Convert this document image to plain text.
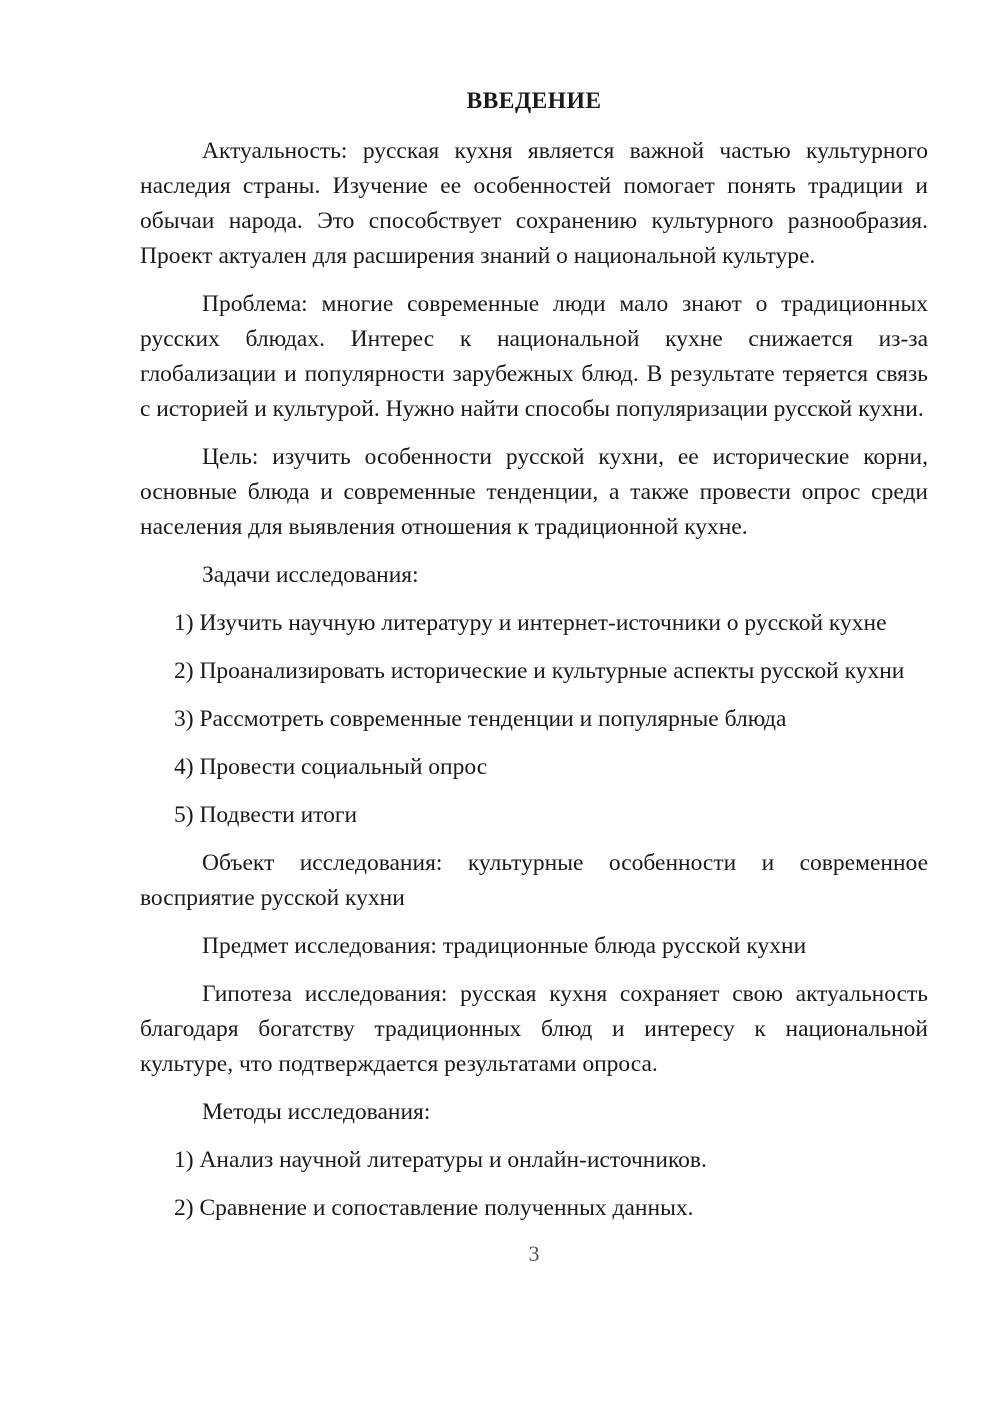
ВВЕДЕНИЕ

Актуальность: русская кухня является важной частью культурного наследия страны. Изучение ее особенностей помогает понять традиции и обычаи народа. Это способствует сохранению культурного разнообразия. Проект актуален для расширения знаний о национальной культуре.

Проблема: многие современные люди мало знают о традиционных русских блюдах. Интерес к национальной кухне снижается из-за глобализации и популярности зарубежных блюд. В результате теряется связь с историей и культурой. Нужно найти способы популяризации русской кухни.

Цель: изучить особенности русской кухни, ее исторические корни, основные блюда и современные тенденции, а также провести опрос среди населения для выявления отношения к традиционной кухне.

Задачи исследования:

1) Изучить научную литературу и интернет-источники о русской кухне

2) Проанализировать исторические и культурные аспекты русской кухни

3) Рассмотреть современные тенденции и популярные блюда

4) Провести социальный опрос

5) Подвести итоги

Объект исследования: культурные особенности и современное восприятие русской кухни

Предмет исследования: традиционные блюда русской кухни

Гипотеза исследования: русская кухня сохраняет свою актуальность благодаря богатству традиционных блюд и интересу к национальной культуре, что подтверждается результатами опроса.

Методы исследования:

1) Анализ научной литературы и онлайн-источников.

2) Сравнение и сопоставление полученных данных.

3
